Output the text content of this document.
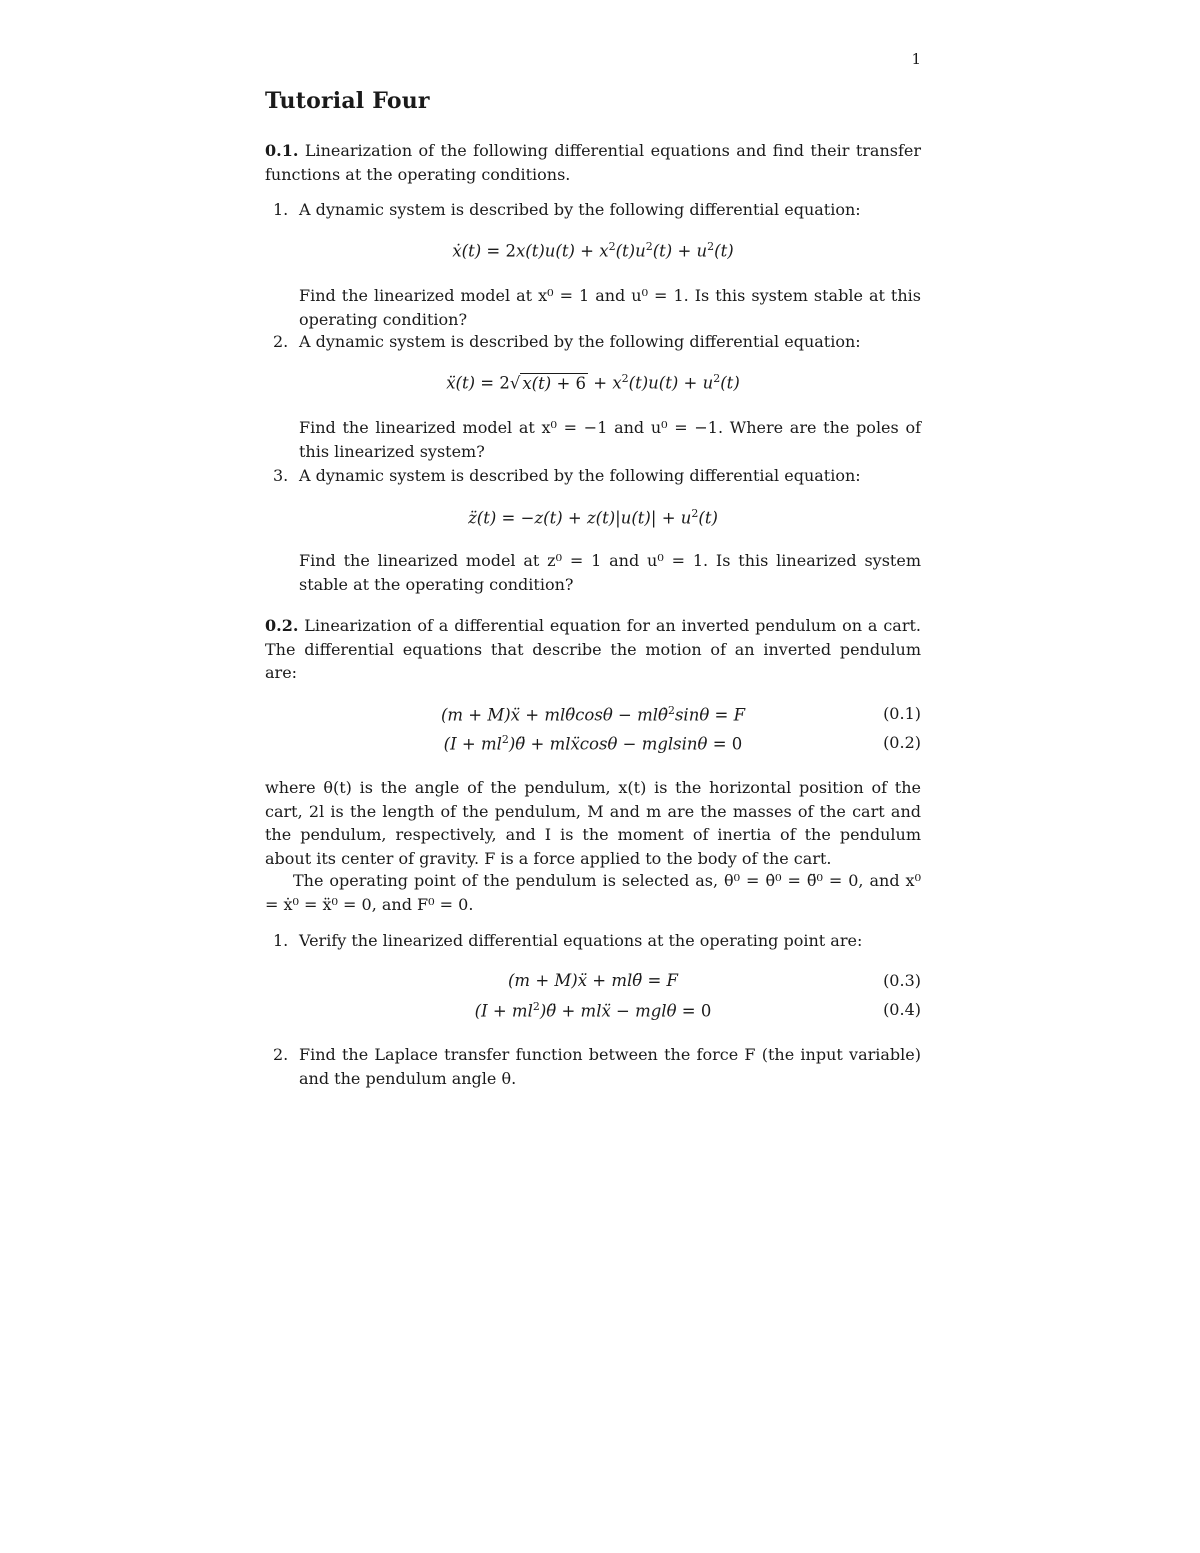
1
Tutorial Four

0.1. Linearization of the following differential equations and find their transfer functions at the operating conditions.

1. A dynamic system is described by the following differential equation:
ẋ(t) = $2x(t)u(t) + x^2(t)u^2(t) + u^2(t)$
Find the linearized model at x⁰ = 1 and u⁰ = 1. Is this system stable at this operating condition?
2. A dynamic system is described by the following differential equation:
ẍ(t) = 2√ $x(t) + 6 + x^2(t)u(t) + u^2(t)$
Find the linearized model at x⁰ = −1 and u⁰ = −1. Where are the poles of this linearized system?
3. A dynamic system is described by the following differential equation:
z̈(t) = $-z(t) + z(t)|u(t)| + u^2(t)$
Find the linearized model at z⁰ = 1 and u⁰ = 1. Is this linearized system stable at the operating condition?

0.2. Linearization of a differential equation for an inverted pendulum on a cart. The differential equations that describe the motion of an inverted pendulum are:

(m + M)ẍ + mlθ̈cosθ − mlθ̇$^2$sinθ = F	(0.1)
$(I + ml^2)\thetä$ + mlẍcosθ − mglsinθ = 0	(0.2)

where θ(t) is the angle of the pendulum, x(t) is the horizontal position of the cart, 2l is the length of the pendulum, M and m are the masses of the cart and the pendulum, respectively, and I is the moment of inertia of the pendulum about its center of gravity. F is a force applied to the body of the cart.

The operating point of the pendulum is selected as, θ⁰ = θ̇⁰ = θ̈⁰ = 0, and x⁰ = ẋ⁰ = ẍ⁰ = 0, and F⁰ = 0.

1. Verify the linearized differential equations at the operating point are:
(m + M)ẍ + mlθ̈ = F	(0.3)
$(I + ml^2)\thetä$ + mlẍ − mglθ = 0	(0.4)
2. Find the Laplace transfer function between the force F (the input variable) and the pendulum angle θ.
